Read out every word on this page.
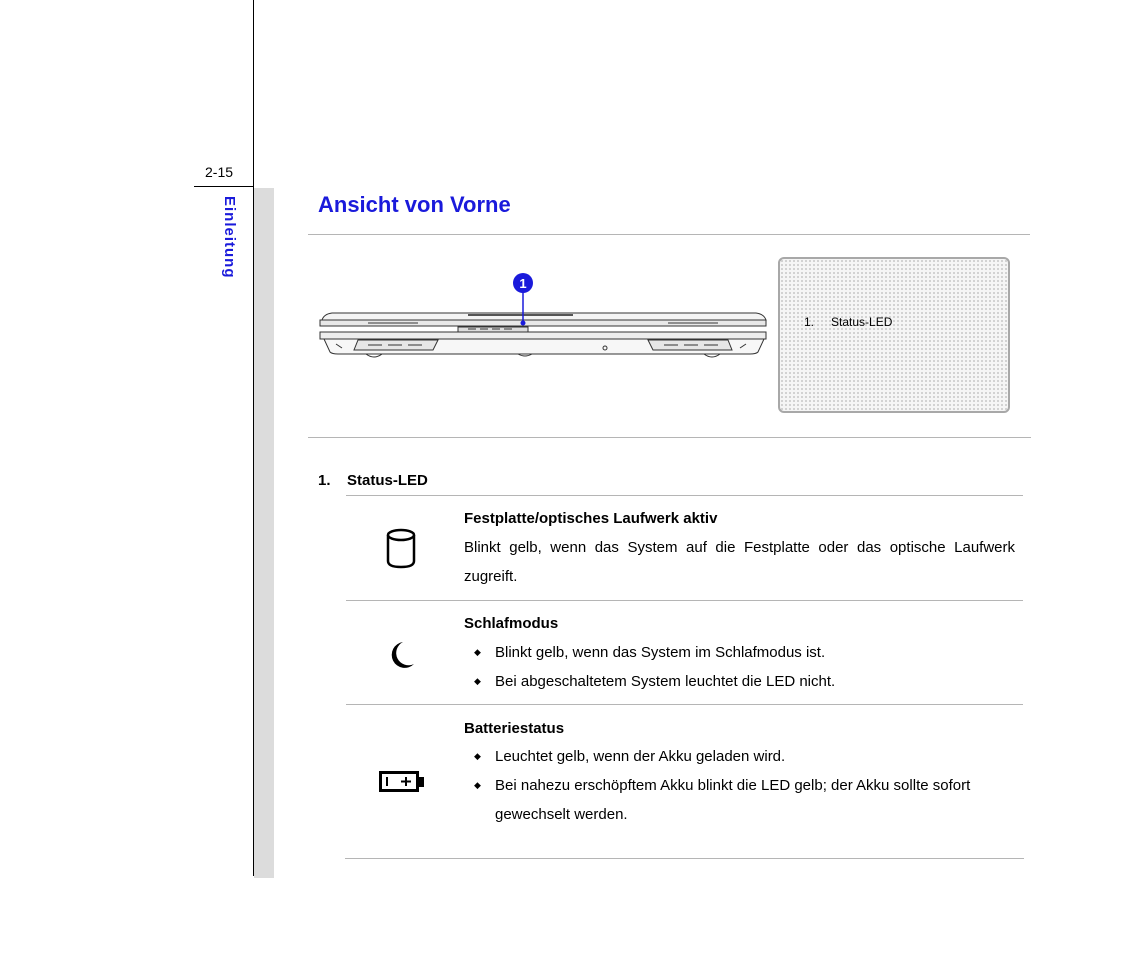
2-15
Einleitung	Ansicht von Vorne
1
1. Status-LED
1. Status-LED
Festplatte/optisches Laufwerk aktiv
Blinkt gelb, wenn das System auf die Festplatte oder das optische Laufwerk zugreift.
Schlafmodus
◆ Blinkt gelb, wenn das System im Schlafmodus ist.
◆ Bei abgeschaltetem System leuchtet die LED nicht.
Batteriestatus
◆ Leuchtet gelb, wenn der Akku geladen wird.
◆ Bei nahezu erschöpftem Akku blinkt die LED gelb; der Akku sollte sofort gewechselt werden.
